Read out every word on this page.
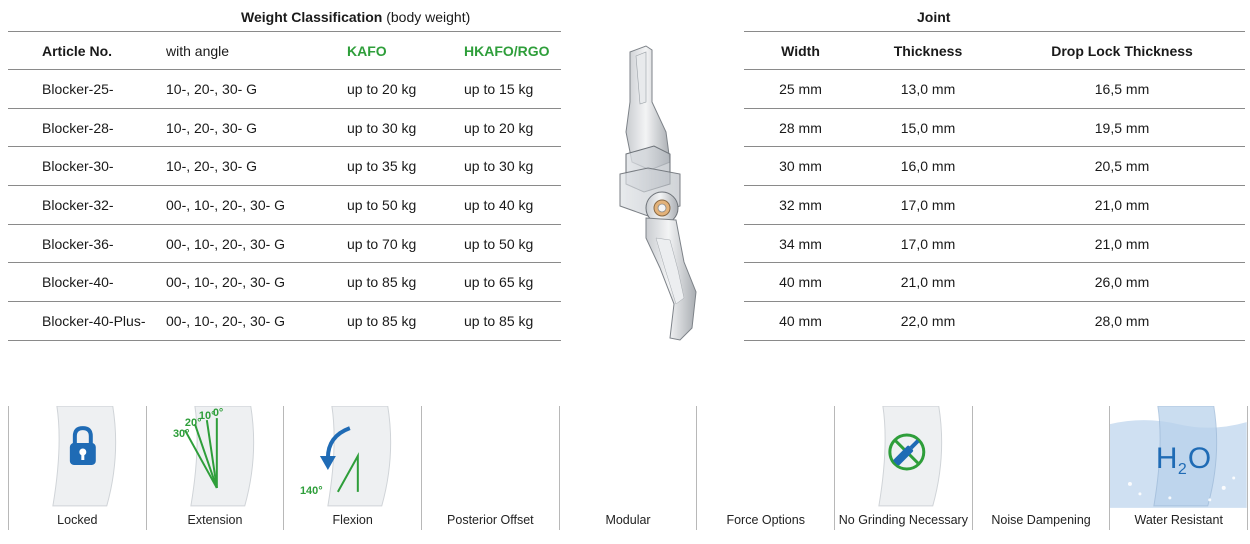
Weight Classification (body weight)	Joint
Article No.	with angle	KAFO	HKAFO/RGO
Blocker-25-	10-, 20-, 30- G	up to 20 kg	up to 15 kg
Blocker-28-	10-, 20-, 30- G	up to 30 kg	up to 20 kg
Blocker-30-	10-, 20-, 30- G	up to 35 kg	up to 30 kg
Blocker-32-	00-, 10-, 20-, 30- G	up to 50 kg	up to 40 kg
Blocker-36-	00-, 10-, 20-, 30- G	up to 70 kg	up to 50 kg
Blocker-40-	00-, 10-, 20-, 30- G	up to 85 kg	up to 65 kg
Blocker-40-Plus-	00-, 10-, 20-, 30- G	up to 85 kg	up to 85 kg
Width	Thickness	Drop Lock Thickness
25 mm	13,0 mm	16,5 mm
28 mm	15,0 mm	19,5 mm
30 mm	16,0 mm	20,5 mm
32 mm	17,0 mm	21,0 mm
34 mm	17,0 mm	21,0 mm
40 mm	21,0 mm	26,0 mm
40 mm	22,0 mm	28,0 mm
Locked
10°
0°
20°
30°
Extension
140°
Flexion	Posterior Offset	Modular	Force Options	No Grinding Necessary	Noise Dampening
H 2 O
Water Resistant
